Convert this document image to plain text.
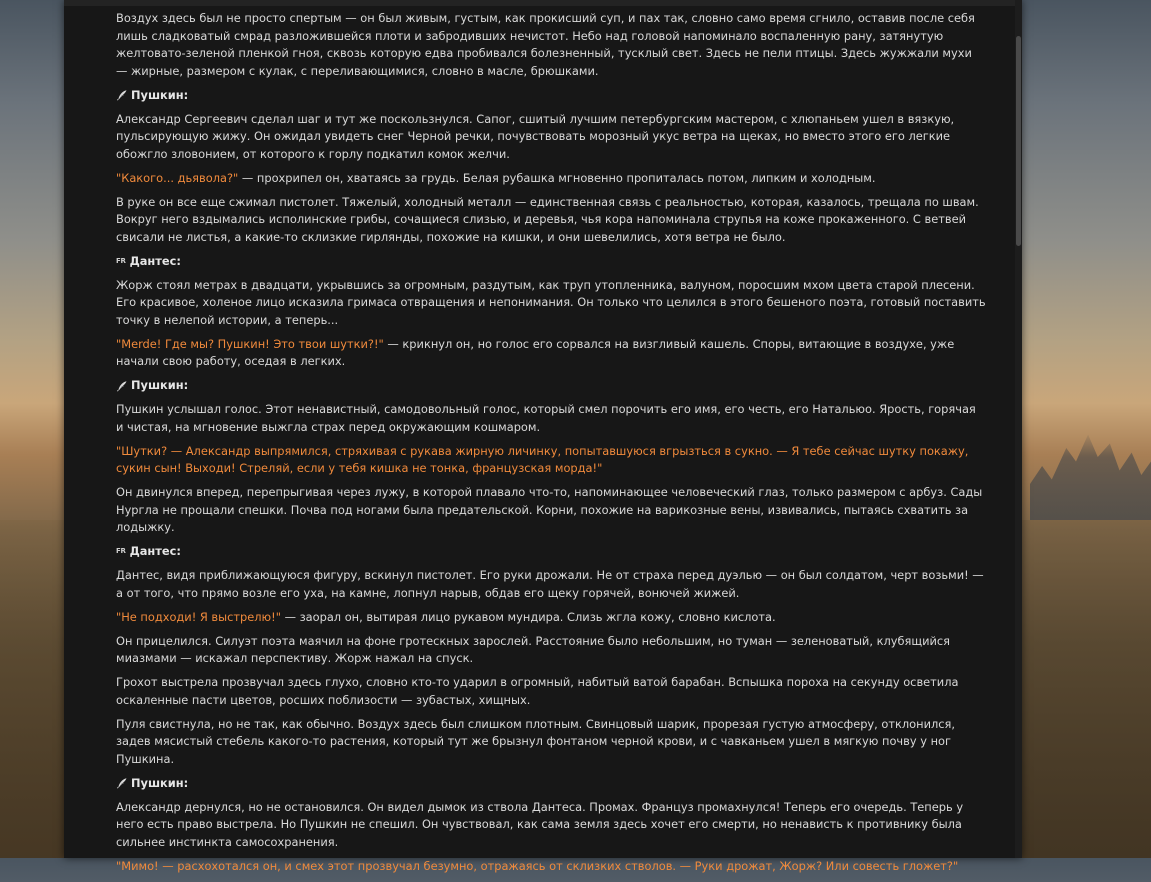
Воздух здесь был не просто спертым — он был живым, густым, как прокисший суп, и пах так, словно само время сгнило, оставив после себя лишь сладковатый смрад разложившейся плоти и забродивших нечистот. Небо над головой напоминало воспаленную рану, затянутую желтовато-зеленой пленкой гноя, сквозь которую едва пробивался болезненный, тусклый свет. Здесь не пели птицы. Здесь жужжали мухи — жирные, размером с кулак, с переливающимися, словно в масле, брюшками.

Пушкин:

Александр Сергеевич сделал шаг и тут же поскользнулся. Сапог, сшитый лучшим петербургским мастером, с хлюпаньем ушел в вязкую, пульсирующую жижу. Он ожидал увидеть снег Черной речки, почувствовать морозный укус ветра на щеках, но вместо этого его легкие обожгло зловонием, от которого к горлу подкатил комок желчи.

"Какого... дьявола?" — прохрипел он, хватаясь за грудь. Белая рубашка мгновенно пропиталась потом, липким и холодным.

В руке он все еще сжимал пистолет. Тяжелый, холодный металл — единственная связь с реальностью, которая, казалось, трещала по швам. Вокруг него вздымались исполинские грибы, сочащиеся слизью, и деревья, чья кора напоминала струпья на коже прокаженного. С ветвей свисали не листья, а какие-то склизкие гирлянды, похожие на кишки, и они шевелились, хотя ветра не было.

FR Дантес:

Жорж стоял метрах в двадцати, укрывшись за огромным, раздутым, как труп утопленника, валуном, поросшим мхом цвета старой плесени. Его красивое, холеное лицо исказила гримаса отвращения и непонимания. Он только что целился в этого бешеного поэта, готовый поставить точку в нелепой истории, а теперь...

"Merde! Где мы? Пушкин! Это твои шутки?!" — крикнул он, но голос его сорвался на визгливый кашель. Споры, витающие в воздухе, уже начали свою работу, оседая в легких.

Пушкин:

Пушкин услышал голос. Этот ненавистный, самодовольный голос, который смел порочить его имя, его честь, его Натальюо. Ярость, горячая и чистая, на мгновение выжгла страх перед окружающим кошмаром.

"Шутки? — Александр выпрямился, стряхивая с рукава жирную личинку, попытавшуюся вгрызться в сукно. — Я тебе сейчас шутку покажу, сукин сын! Выходи! Стреляй, если у тебя кишка не тонка, французская морда!"

Он двинулся вперед, перепрыгивая через лужу, в которой плавало что-то, напоминающее человеческий глаз, только размером с арбуз. Сады Нургла не прощали спешки. Почва под ногами была предательской. Корни, похожие на варикозные вены, извивались, пытаясь схватить за лодыжку.

FR Дантес:

Дантес, видя приближающуюся фигуру, вскинул пистолет. Его руки дрожали. Не от страха перед дуэлью — он был солдатом, черт возьми! — а от того, что прямо возле его уха, на камне, лопнул нарыв, обдав его щеку горячей, вонючей жижей.

"Не подходи! Я выстрелю!" — заорал он, вытирая лицо рукавом мундира. Слизь жгла кожу, словно кислота.

Он прицелился. Силуэт поэта маячил на фоне гротескных зарослей. Расстояние было небольшим, но туман — зеленоватый, клубящийся миазмами — искажал перспективу. Жорж нажал на спуск.

Грохот выстрела прозвучал здесь глухо, словно кто-то ударил в огромный, набитый ватой барабан. Вспышка пороха на секунду осветила оскаленные пасти цветов, росших поблизости — зубастых, хищных.

Пуля свистнула, но не так, как обычно. Воздух здесь был слишком плотным. Свинцовый шарик, прорезая густую атмосферу, отклонился, задев мясистый стебель какого-то растения, который тут же брызнул фонтаном черной крови, и с чавканьем ушел в мягкую почву у ног Пушкина.

Пушкин:

Александр дернулся, но не остановился. Он видел дымок из ствола Дантеса. Промах. Француз промахнулся! Теперь его очередь. Теперь у него есть право выстрела. Но Пушкин не спешил. Он чувствовал, как сама земля здесь хочет его смерти, но ненависть к противнику была сильнее инстинкта самосохранения.

"Мимо! — расхохотался он, и смех этот прозвучал безумно, отражаясь от склизких стволов. — Руки дрожат, Жорж? Или совесть гложет?"
